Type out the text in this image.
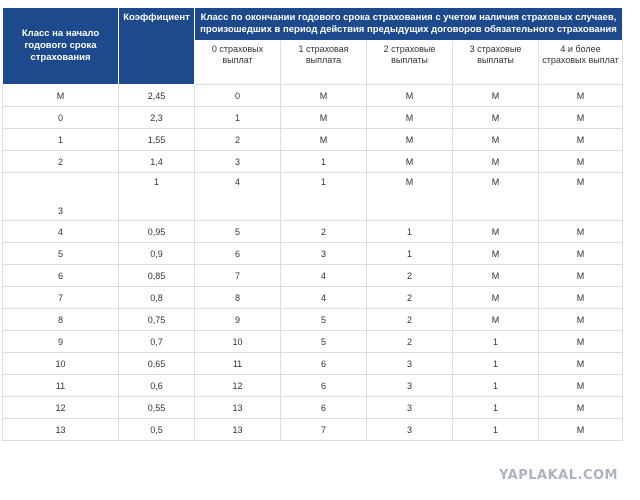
Класс на начало годового срока страхования	Коэффициент	Класс по окончании годового срока страхования с учетом наличия страховых случаев, произошедших в период действия предыдущих договоров обязательного страхования				
		0 страховых выплат	1 страховая выплата	2 страховые выплаты	3 страховые выплаты	4 и более страховых выплат
М	2,45	0	М	М	М	М
0	2,3	1	М	М	М	М
1	1,55	2	М	М	М	М
2	1,4	3	1	М	М	М
3	1	4	1	М	М	М
4	0,95	5	2	1	М	М
5	0,9	6	3	1	М	М
6	0,85	7	4	2	М	М
7	0,8	8	4	2	М	М
8	0,75	9	5	2	М	М
9	0,7	10	5	2	1	М
10	0,65	11	6	3	1	М
11	0,6	12	6	3	1	М
12	0,55	13	6	3	1	М
13	0,5	13	7	3	1	М
YAPLAKAL.COM
